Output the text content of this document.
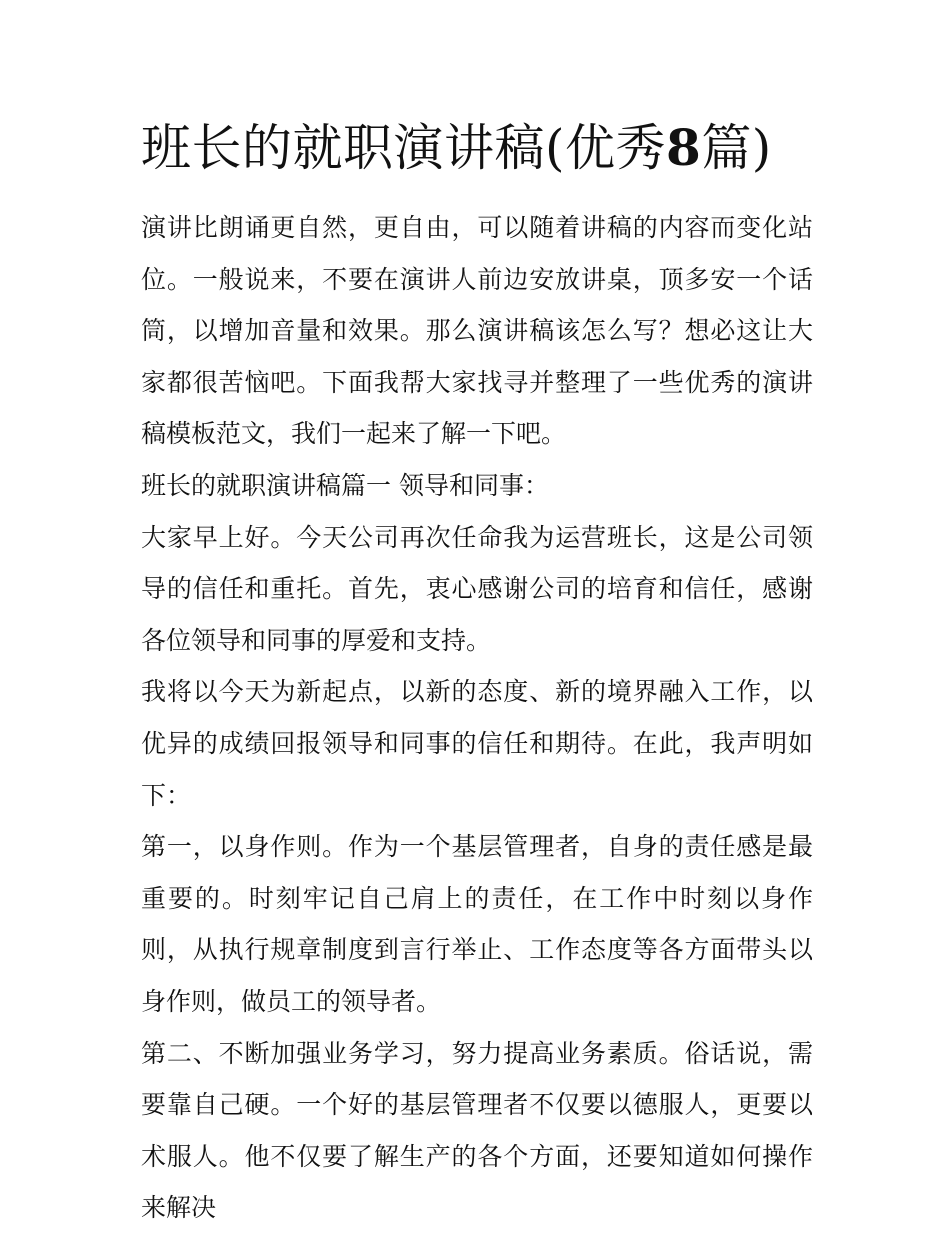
班长的就职演讲稿(优秀8篇)

演讲比朗诵更自然，更自由，可以随着讲稿的内容而变化站位。一般说来，不要在演讲人前边安放讲桌，顶多安一个话筒，以增加音量和效果。那么演讲稿该怎么写？想必这让大家都很苦恼吧。下面我帮大家找寻并整理了一些优秀的演讲稿模板范文，我们一起来了解一下吧。

班长的就职演讲稿篇一 领导和同事：

大家早上好。今天公司再次任命我为运营班长，这是公司领导的信任和重托。首先，衷心感谢公司的培育和信任，感谢各位领导和同事的厚爱和支持。

我将以今天为新起点，以新的态度、新的境界融入工作，以优异的成绩回报领导和同事的信任和期待。在此，我声明如下：

第一，以身作则。作为一个基层管理者，自身的责任感是最重要的。时刻牢记自己肩上的责任，在工作中时刻以身作则，从执行规章制度到言行举止、工作态度等各方面带头以身作则，做员工的领导者。

第二、不断加强业务学习，努力提高业务素质。俗话说，需要靠自己硬。一个好的基层管理者不仅要以德服人，更要以术服人。他不仅要了解生产的各个方面，还要知道如何操作来解决
